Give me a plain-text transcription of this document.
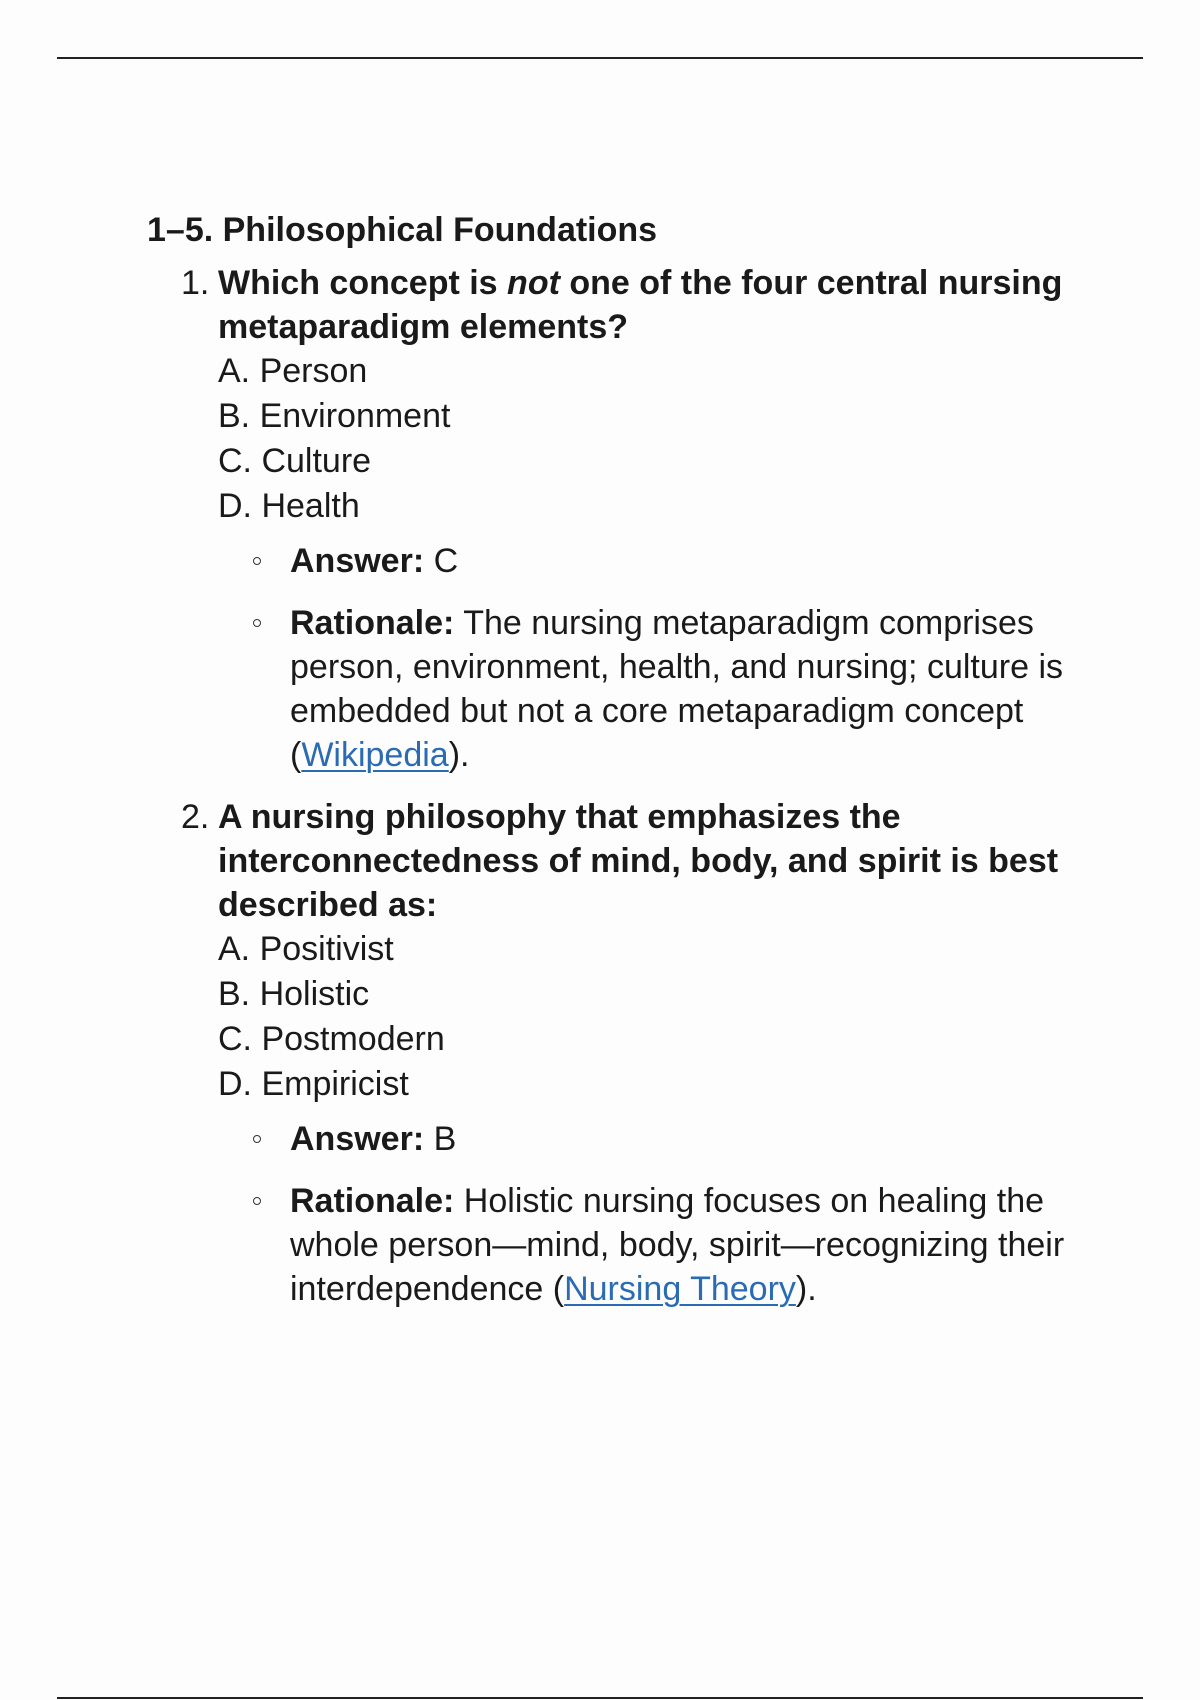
1–5. Philosophical Foundations
1. Which concept is not one of the four central nursing metaparadigm elements?
A. Person
B. Environment
C. Culture
D. Health
Answer: C
Rationale: The nursing metaparadigm comprises person, environment, health, and nursing; culture is embedded but not a core metaparadigm concept (Wikipedia).
2. A nursing philosophy that emphasizes the interconnectedness of mind, body, and spirit is best described as:
A. Positivist
B. Holistic
C. Postmodern
D. Empiricist
Answer: B
Rationale: Holistic nursing focuses on healing the whole person—mind, body, spirit—recognizing their interdependence (Nursing Theory).
